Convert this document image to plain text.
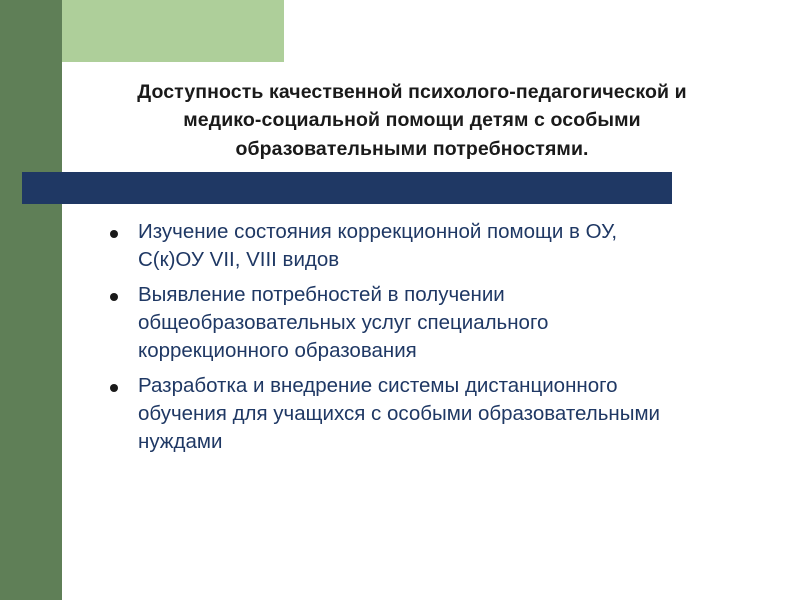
Доступность качественной психолого-педагогической и
медико-социальной помощи детям с особыми
образовательными потребностями.
Изучение состояния коррекционной помощи в ОУ, С(к)ОУ VII, VIII видов
Выявление потребностей в получении общеобразовательных услуг специального коррекционного образования
Разработка и внедрение системы дистанционного обучения для учащихся с особыми образовательными нуждами
